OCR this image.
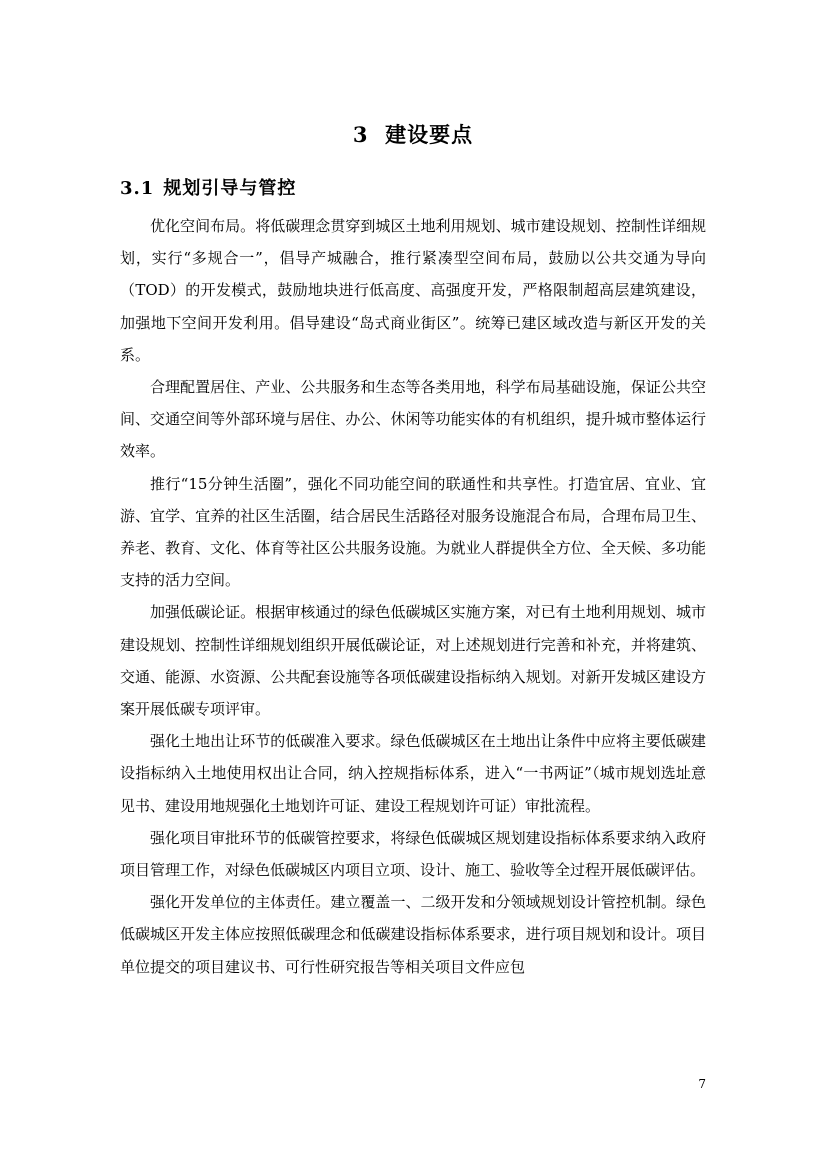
3 建设要点
3.1 规划引导与管控

优化空间布局。将低碳理念贯穿到城区土地利用规划、城市建设规划、控制性详细规划，实行“多规合一”，倡导产城融合，推行紧凑型空间布局，鼓励以公共交通为导向（TOD）的开发模式，鼓励地块进行低高度、高强度开发，严格限制超高层建筑建设，加强地下空间开发利用。倡导建设“岛式商业街区”。统筹已建区域改造与新区开发的关系。

合理配置居住、产业、公共服务和生态等各类用地，科学布局基础设施，保证公共空间、交通空间等外部环境与居住、办公、休闲等功能实体的有机组织，提升城市整体运行效率。

推行“15分钟生活圈”，强化不同功能空间的联通性和共享性。打造宜居、宜业、宜游、宜学、宜养的社区生活圈，结合居民生活路径对服务设施混合布局，合理布局卫生、养老、教育、文化、体育等社区公共服务设施。为就业人群提供全方位、全天候、多功能支持的活力空间。

加强低碳论证。根据审核通过的绿色低碳城区实施方案，对已有土地利用规划、城市建设规划、控制性详细规划组织开展低碳论证，对上述规划进行完善和补充，并将建筑、交通、能源、水资源、公共配套设施等各项低碳建设指标纳入规划。对新开发城区建设方案开展低碳专项评审。

强化土地出让环节的低碳准入要求。绿色低碳城区在土地出让条件中应将主要低碳建设指标纳入土地使用权出让合同，纳入控规指标体系，进入“一书两证”（城市规划选址意见书、建设用地规强化土地划许可证、建设工程规划许可证）审批流程。

强化项目审批环节的低碳管控要求，将绿色低碳城区规划建设指标体系要求纳入政府项目管理工作，对绿色低碳城区内项目立项、设计、施工、验收等全过程开展低碳评估。

强化开发单位的主体责任。建立覆盖一、二级开发和分领域规划设计管控机制。绿色低碳城区开发主体应按照低碳理念和低碳建设指标体系要求，进行项目规划和设计。项目单位提交的项目建议书、可行性研究报告等相关项目文件应包

7
